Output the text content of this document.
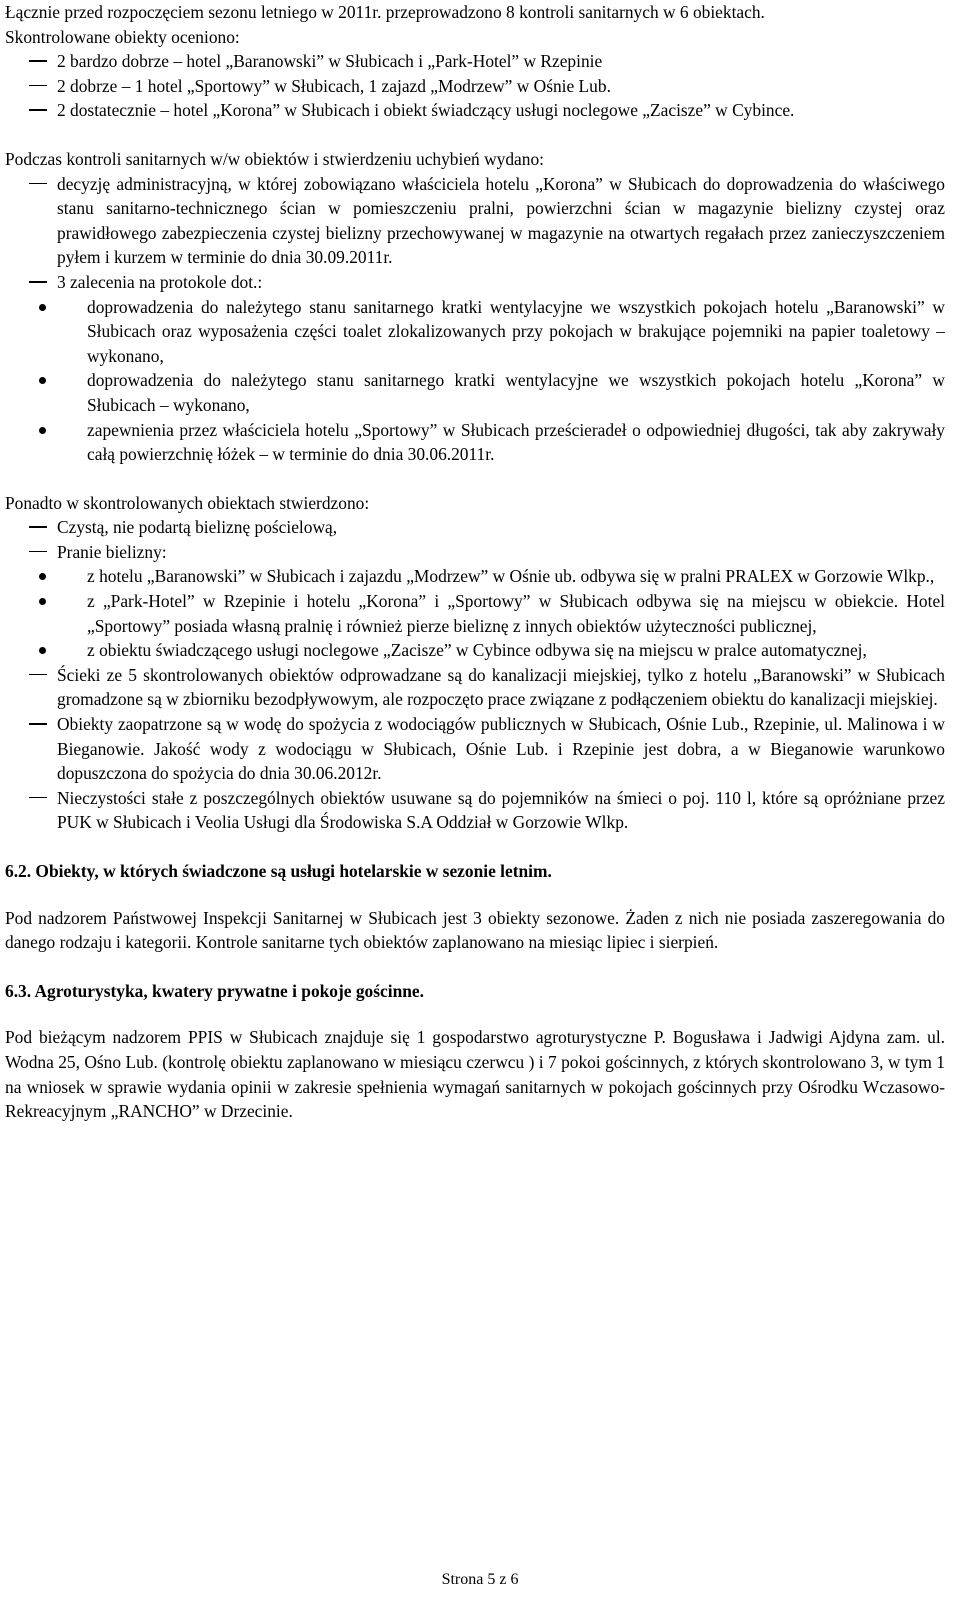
Łącznie przed rozpoczęciem sezonu letniego w 2011r. przeprowadzono 8 kontroli sanitarnych w 6 obiektach.

Skontrolowane obiekty oceniono:

2 bardzo dobrze – hotel „Baranowski” w Słubicach i „Park-Hotel” w Rzepinie
2 dobrze – 1 hotel „Sportowy” w Słubicach, 1 zajazd „Modrzew” w Ośnie Lub.
2 dostatecznie – hotel „Korona” w Słubicach i obiekt świadczący usługi noclegowe „Zacisze” w Cybince.

Podczas kontroli sanitarnych w/w obiektów i stwierdzeniu uchybień wydano:

decyzję administracyjną, w której zobowiązano właściciela hotelu „Korona” w Słubicach do doprowadzenia do właściwego stanu sanitarno-technicznego ścian w pomieszczeniu pralni, powierzchni ścian w magazynie bielizny czystej oraz prawidłowego zabezpieczenia czystej bielizny przechowywanej w magazynie na otwartych regałach przez zanieczyszczeniem pyłem i kurzem w terminie do dnia 30.09.2011r.
3 zalecenia na protokole dot.:
doprowadzenia do należytego stanu sanitarnego kratki wentylacyjne we wszystkich pokojach hotelu „Baranowski” w Słubicach oraz wyposażenia części toalet zlokalizowanych przy pokojach w brakujące pojemniki na papier toaletowy – wykonano,
doprowadzenia do należytego stanu sanitarnego kratki wentylacyjne we wszystkich pokojach hotelu „Korona” w Słubicach – wykonano,
zapewnienia przez właściciela hotelu „Sportowy” w Słubicach prześcieradeł o odpowiedniej długości, tak aby zakrywały całą powierzchnię łóżek – w terminie do dnia 30.06.2011r.

Ponadto w skontrolowanych obiektach stwierdzono:

Czystą, nie podartą bieliznę pościelową,
Pranie bielizny:
z hotelu „Baranowski” w Słubicach i zajazdu „Modrzew” w Ośnie ub. odbywa się w pralni PRALEX w Gorzowie Wlkp.,
z „Park-Hotel” w Rzepinie i hotelu „Korona” i „Sportowy” w Słubicach odbywa się na miejscu w obiekcie. Hotel „Sportowy” posiada własną pralnię i również pierze bieliznę z innych obiektów użyteczności publicznej,
z obiektu świadczącego usługi noclegowe „Zacisze” w Cybince odbywa się na miejscu w pralce automatycznej,
Ścieki ze 5 skontrolowanych obiektów odprowadzane są do kanalizacji miejskiej, tylko z hotelu „Baranowski” w Słubicach gromadzone są w zbiorniku bezodpływowym, ale rozpoczęto prace związane z podłączeniem obiektu do kanalizacji miejskiej.
Obiekty zaopatrzone są w wodę do spożycia z wodociągów publicznych w Słubicach, Ośnie Lub., Rzepinie, ul. Malinowa i w Bieganowie. Jakość wody z wodociągu w Słubicach, Ośnie Lub. i Rzepinie jest dobra, a w Bieganowie warunkowo dopuszczona do spożycia do dnia 30.06.2012r.
Nieczystości stałe z poszczególnych obiektów usuwane są do pojemników na śmieci o poj. 110 l, które są opróżniane przez PUK w Słubicach i Veolia Usługi dla Środowiska S.A Oddział w Gorzowie Wlkp.
6.2. Obiekty, w których świadczone są usługi hotelarskie w sezonie letnim.

Pod nadzorem Państwowej Inspekcji Sanitarnej w Słubicach jest 3 obiekty sezonowe. Żaden z nich nie posiada zaszeregowania do danego rodzaju i kategorii. Kontrole sanitarne tych obiektów zaplanowano na miesiąc lipiec i sierpień.

6.3. Agroturystyka, kwatery prywatne i pokoje gościnne.

Pod bieżącym nadzorem PPIS w Słubicach znajduje się 1 gospodarstwo agroturystyczne P. Bogusława i Jadwigi Ajdyna zam. ul. Wodna 25, Ośno Lub. (kontrolę obiektu zaplanowano w miesiącu czerwcu ) i 7 pokoi gościnnych, z których skontrolowano 3, w tym 1 na wniosek w sprawie wydania opinii w zakresie spełnienia wymagań sanitarnych w pokojach gościnnych przy Ośrodku Wczasowo-Rekreacyjnym „RANCHO” w Drzecinie.

Strona 5 z 6
